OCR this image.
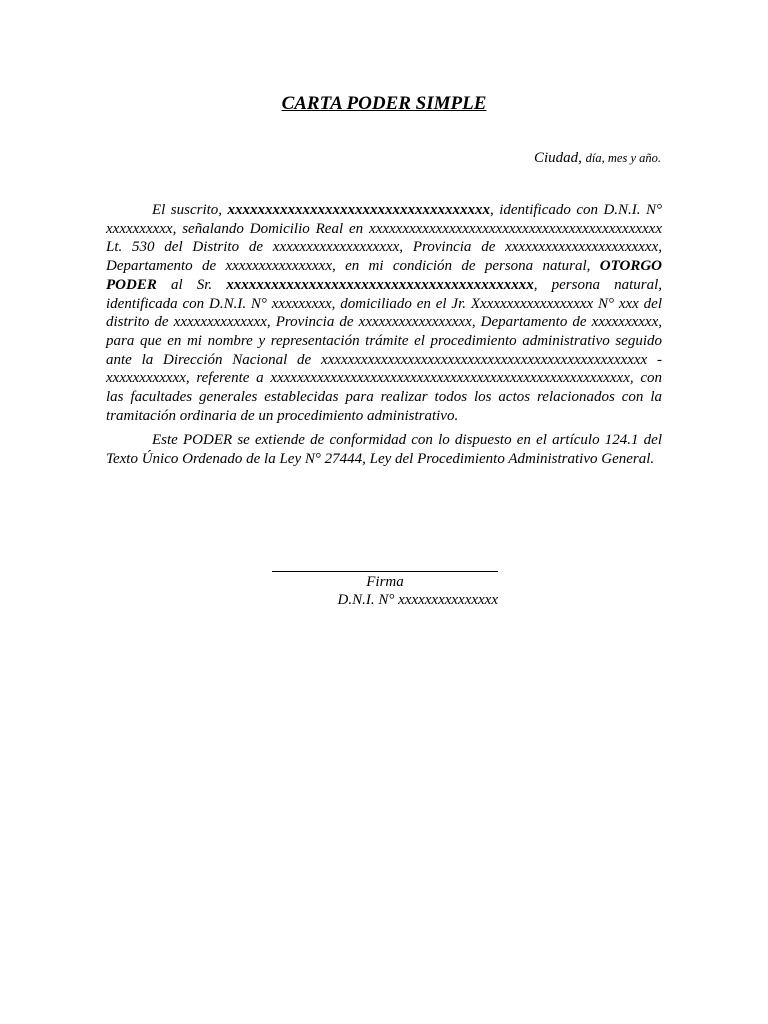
CARTA PODER SIMPLE
Ciudad, día, mes y año.

El suscrito, xxxxxxxxxxxxxxxxxxxxxxxxxxxxxxxxxxx, identificado con D.N.I. N° xxxxxxxxxx, señalando Domicilio Real en xxxxxxxxxxxxxxxxxxxxxxxxxxxxxxxxxxxxxxxxxxxx Lt. 530 del Distrito de xxxxxxxxxxxxxxxxxxx, Provincia de xxxxxxxxxxxxxxxxxxxxxxx, Departamento de xxxxxxxxxxxxxxxx, en mi condición de persona natural, OTORGO PODER al Sr. xxxxxxxxxxxxxxxxxxxxxxxxxxxxxxxxxxxxxxxxx, persona natural, identificada con D.N.I. N° xxxxxxxxx, domiciliado en el Jr. Xxxxxxxxxxxxxxxxxx N° xxx del distrito de xxxxxxxxxxxxxx, Provincia de xxxxxxxxxxxxxxxxx, Departamento de xxxxxxxxxx, para que en mi nombre y representación trámite el procedimiento administrativo seguido ante la Dirección Nacional de xxxxxxxxxxxxxxxxxxxxxxxxxxxxxxxxxxxxxxxxxxxxxxxxx - xxxxxxxxxxxx, referente a xxxxxxxxxxxxxxxxxxxxxxxxxxxxxxxxxxxxxxxxxxxxxxxxxxxxxx, con las facultades generales establecidas para realizar todos los actos relacionados con la tramitación ordinaria de un procedimiento administrativo.

Este PODER se extiende de conformidad con lo dispuesto en el artículo 124.1 del Texto Único Ordenado de la Ley N° 27444, Ley del Procedimiento Administrativo General.

Firma
D.N.I. N° xxxxxxxxxxxxxxx
